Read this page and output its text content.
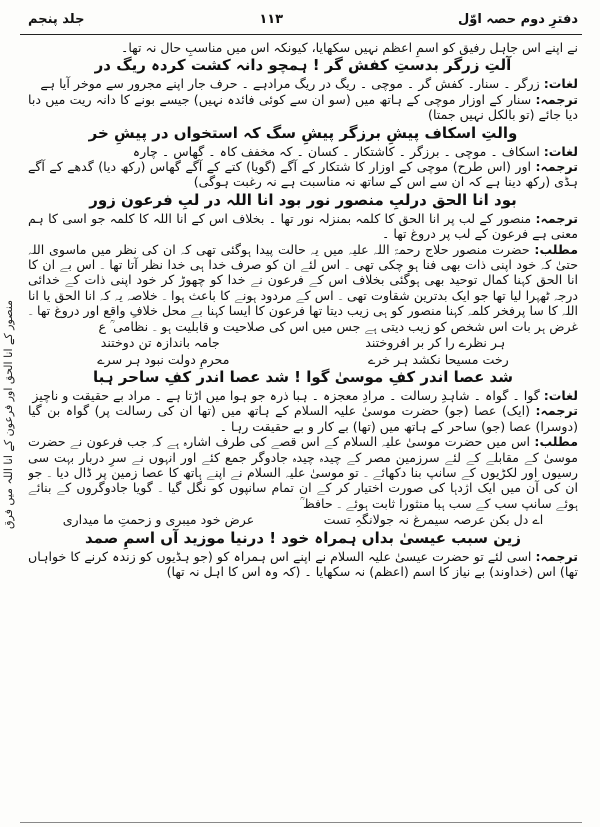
دفترِ دوم حصہ اوّل
۱۱۳
جلد پنجم

نے اپنے اس جاہل رفیق کو اسمِ اعظم نہیں سکھایا، کیونکہ اس میں مناسبِ حال نہ تھا۔

آلتِ زرگر بدستِ کفش گر ! ہمچو دانہ کشت کردہ ریگ در

لغات: زرگر ۔ سنار۔ کفش گر ۔ موچی ۔ ریگ در ریگ مرادہے ۔ حرف جار اپنے مجرور سے موخر آیا ہے

ترجمہ: سنار کے اوزار موچی کے ہاتھ میں (سو ان سے کوئی فائدہ نہیں) جیسے بونے کا دانہ ریت میں دبا دیا جائے (تو بالکل نہیں جمتا)

والتِ اسکاف پیشِ برزگر پیشِ سگ کہ استخواں در پیشِ خر

لغات: اسکاف ۔ موچی ۔ برزگر ۔ کاشتکار ۔ کسان ۔ کہ مخفف کاہ ۔ گھاس ۔ چارہ

ترجمہ: اور (اس طرح) موچی کے اوزار کا شتکار کے آگے (گویا) کتے کے آگے گھاس (رکھ دیا) گدھے کے آگے ہڈی (رکھ دینا ہے کہ ان سے اس کے ساتھ نہ مناسبت ہے نہ رغبت ہوگی)

بود انا الحق درلبِ منصور نور بود انا اللہ در لبِ فرعون زور

ترجمہ: منصور کے لب پر انا الحق کا کلمہ بمنزلہ نور تھا ۔ بخلاف اس کے انا اللہ کا کلمہ جو اسی کا ہم معنی ہے فرعون کے لب پر دروغ تھا ۔

مطلب: حضرت منصور حلاج رحمۃ اللہ علیہ میں یہ حالت پیدا ہوگئی تھی کہ ان کی نظر میں ماسوی اللہ حتیٰ کہ خود اپنی ذات بھی فنا ہو چکی تھی ۔ اس لئے ان کو صرف خدا ہی خدا نظر آتا تھا ۔ اس بے ان کا انا الحق کہنا کمال توحید بھی ہوگئی بخلاف اس کے فرعون نے خدا کو چھوڑ کر خود اپنی ذات کے خدائی درجہ ٹھہرا لیا تھا جو ایک بدترین شقاوت تھی ۔ اس کے مردود ہونے کا باعث ہوا ۔ خلاصہ یہ کہ انا الحق یا انا اللہ کا سا پرفخر کلمہ کہنا منصور کو ہی زیب دیتا تھا فرعون کا ایسا کہنا بے محل خلافِ واقع اور دروغ تھا ۔ غرض ہر بات اس شخص کو زیب دیتی ہے جس میں اس کی صلاحیت و قابلیت ہو ۔ نظامی ؒ ع

ہر نظرے را کر بر افروختند
جامہ باندازہ تن دوختند
رخت مسیحا نکشد ہر خرے
محرمِ دولت نبود ہر سرے
شد عصا اندر کفِ موسیٰ گوا ! شد عصا اندر کفِ ساحر ہبا

لغات: گوا ۔ گواہ ۔ شاہدِ رسالت ۔ مرادِ معجزہ ۔ ہبا ذرہ جو ہوا میں اڑتا ہے ۔ مراد بے حقیقت و ناچیز

ترجمہ: (ایک) عصا (جو) حضرت موسیٰ علیہ السلام کے ہاتھ میں (تھا ان کی رسالت پر) گواہ بن گیا (دوسرا) عصا (جو) ساحر کے ہاتھ میں (تھا) بے کار و بے حقیقت رہا ۔

مطلب: اس میں حضرت موسیٰ علیہ السلام کے اس قصے کی طرف اشارہ ہے کہ جب فرعون نے حضرت موسیٰ کے مقابلے کے لئے سرزمین مصر کے چیدہ چیدہ جادوگر جمع کئے اور انہوں نے سرِ دربار بہت سی رسیوں اور لکڑیوں کے سانپ بنا دکھائے ۔ تو موسیٰ علیہ السلام نے اپنے ہاتھ کا عصا زمین پر ڈال دیا ۔ جو ان کی آن میں ایک اژدہا کی صورت اختیار کر کے ان تمام سانپوں کو نگل گیا ۔ گویا جادوگروں کے بنائے ہوئے سانپ سب کے سب ہبا منثورا ثابت ہوئے ۔ حافظ ؒ

اے دل بکن عرصہ سیمرغ نہ جولانگہِ تست
عرض خود میبری و زحمتِ ما میداری
زین سبب عیسیٰ بداں ہمراہ خود ! درنیا موزید آں اسمِ صمد

ترجمہ: اسی لئے تو حضرت عیسیٰ علیہ السلام نے اپنے اس ہمراہ کو (جو ہڈیوں کو زندہ کرنے کا خواہاں تھا) اس (خداوند) بے نیاز کا اسم (اعظم) نہ سکھایا ۔ (کہ وہ اس کا اہل نہ تھا)

منصور کے انا الحق اور فرعون کے انا اللہ میں فرق
